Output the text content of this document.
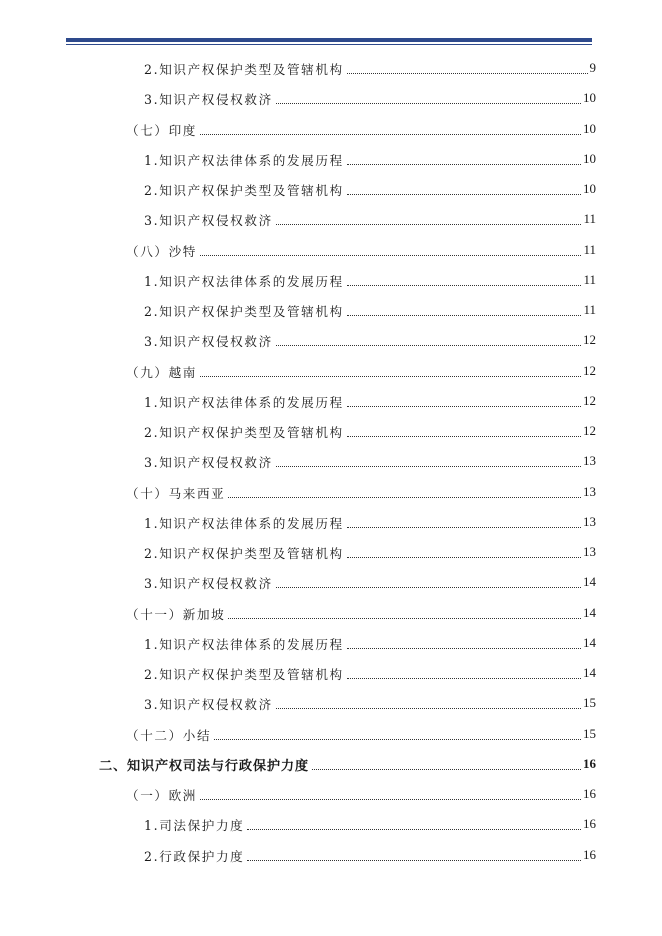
2.知识产权保护类型及管辖机构	9
3.知识产权侵权救济	10
（七）印度	10
1.知识产权法律体系的发展历程	10
2.知识产权保护类型及管辖机构	10
3.知识产权侵权救济	11
（八）沙特	11
1.知识产权法律体系的发展历程	11
2.知识产权保护类型及管辖机构	11
3.知识产权侵权救济	12
（九）越南	12
1.知识产权法律体系的发展历程	12
2.知识产权保护类型及管辖机构	12
3.知识产权侵权救济	13
（十）马来西亚	13
1.知识产权法律体系的发展历程	13
2.知识产权保护类型及管辖机构	13
3.知识产权侵权救济	14
（十一）新加坡	14
1.知识产权法律体系的发展历程	14
2.知识产权保护类型及管辖机构	14
3.知识产权侵权救济	15
（十二）小结	15
二、知识产权司法与行政保护力度	16
（一）欧洲	16
1.司法保护力度	16
2.行政保护力度	16
